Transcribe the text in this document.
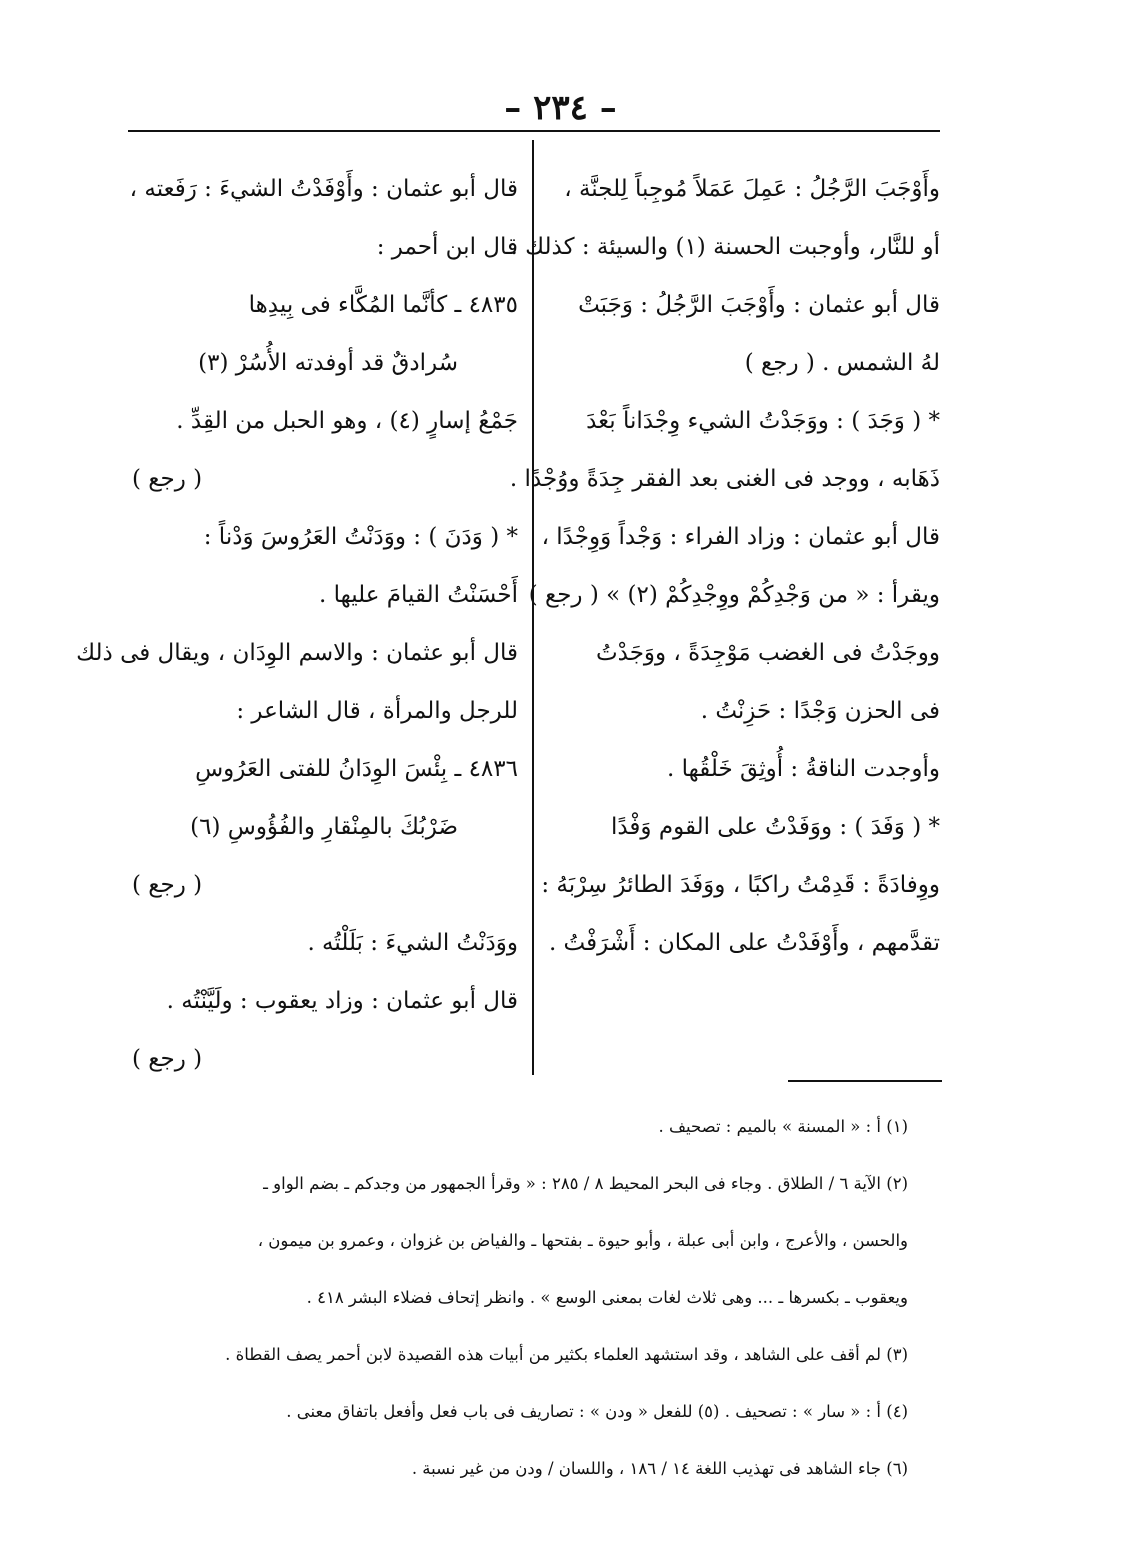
– ٢٣٤ –
وأَوْجَبَ الرَّجُلُ : عَمِلَ عَمَلاً مُوجِباً لِلجنَّة ،
أو للنَّار، وأوجبت الحسنة (١) والسيئة : كذلك .
قال أبو عثمان : وأَوْجَبَ الرَّجُلُ : وَجَبَتْ
لهُ الشمس . ( رجع )
* ( وَجَدَ ) : ووَجَدْتُ الشيء وِجْدَاناً بَعْدَ
ذَهَابه ، ووجد فى الغنى بعد الفقر جِدَةً ووُجْدًا .
قال أبو عثمان : وزاد الفراء : وَجْداً وَوِجْدًا ،
ويقرأ : « من وَجْدِكُمْ ووِجْدِكُمْ (٢) » ( رجع )
ووجَدْتُ فى الغضب مَوْجِدَةً ، ووَجَدْتُ
فى الحزن وَجْدًا : حَزِنْتُ .
وأوجدت الناقةُ : أُوثِقَ خَلْقُها .
* ( وَفَدَ ) : ووَفَدْتُ على القوم وَفْدًا
ووِفادَةً : قَدِمْتُ راكبًا ، ووَفَدَ الطائرُ سِرْبَهُ :
تقدَّمهم ، وأَوْفَدْتُ على المكان : أَشْرَفْتُ .
قال أبو عثمان : وأَوْفَدْتُ الشيءَ : رَفَعته ،
قال ابن أحمر :
٤٨٣٥ ـ كأنَّما المُكَّاء فى بِيدِها
سُرادقٌ قد أوفدته الأُسُرْ (٣)
جَمْعُ إسارٍ (٤) ، وهو الحبل من القِدِّ .
( رجع )
* ( وَدَنَ ) : ووَدَنْتُ العَرُوسَ وَدْناً :
أَحْسَنْتُ القيامَ عليها .
قال أبو عثمان : والاسم الوِدَان ، ويقال فى ذلك
للرجل والمرأة ، قال الشاعر :
٤٨٣٦ ـ بِئْسَ الوِدَانُ للفتى العَرُوسِ
ضَرْبُكَ بالمِنْقارِ والفُؤُوسِ (٦)
( رجع )
ووَدَنْتُ الشيءَ : بَلَلْتُه .
قال أبو عثمان : وزاد يعقوب : ولَيَّنْتُه .
( رجع )
(١) أ : « المسنة » بالميم : تصحيف .
(٢) الآية ٦ / الطلاق . وجاء فى البحر المحيط ٨ / ٢٨٥ : « وقرأ الجمهور من وجدكم ـ بضم الواو ـ
والحسن ، والأعرج ، وابن أبى عبلة ، وأبو حيوة ـ بفتحها ـ والفياض بن غزوان ، وعمرو بن ميمون ،
ويعقوب ـ بكسرها ـ ... وهى ثلاث لغات بمعنى الوسع » . وانظر إتحاف فضلاء البشر ٤١٨ .
(٣) لم أقف على الشاهد ، وقد استشهد العلماء بكثير من أبيات هذه القصيدة لابن أحمر يصف القطاة .
(٤) أ : « سار » : تصحيف . (٥) للفعل « ودن » : تصاريف فى باب فعل وأفعل باتفاق معنى .
(٦) جاء الشاهد فى تهذيب اللغة ١٤ / ١٨٦ ، واللسان / ودن من غير نسبة .
